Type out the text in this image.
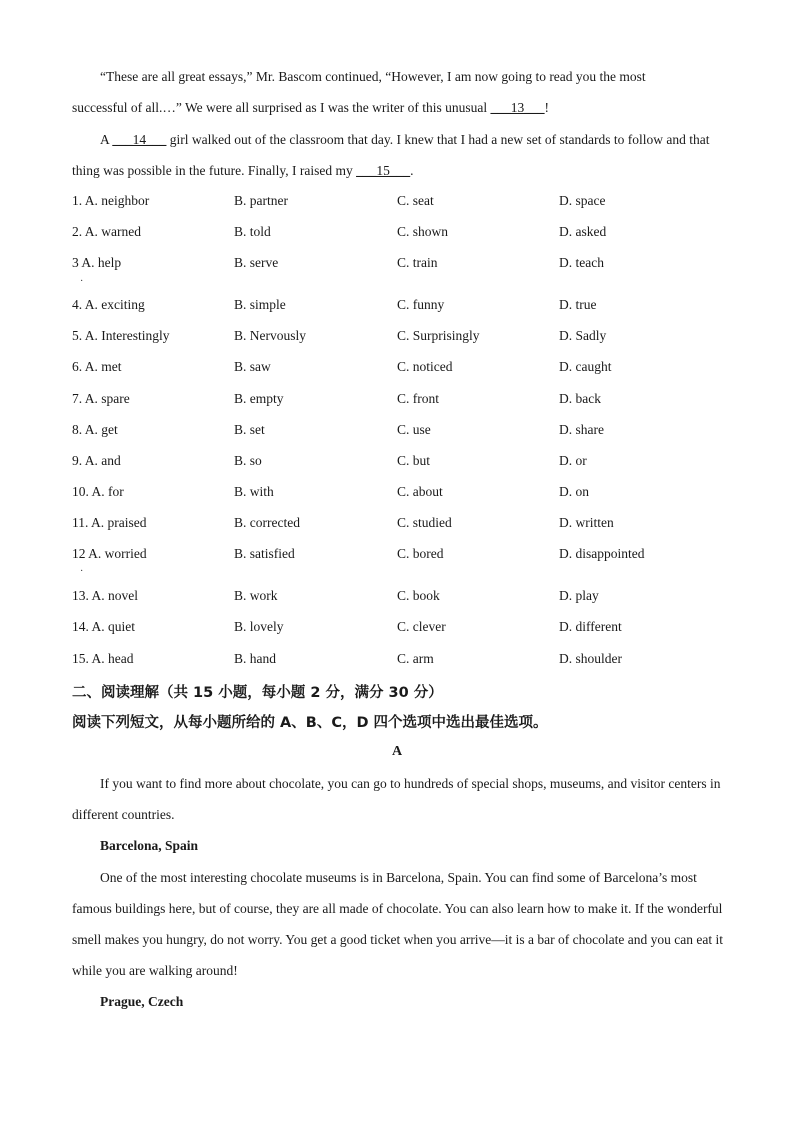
“These are all great essays,” Mr. Bascom continued, “However, I am now going to read you the most
successful of all.…” We were all surprised as I was the writer of this unusual ___13___!

A ___14___ girl walked out of the classroom that day. I knew that I had a new set of standards to follow and that thing was possible in the future. Finally, I raised my ___15___.

1. A. neighbor	B. partner	C. seat	D. space
2. A. warned	B. told	C. shown	D. asked
3 A. help	B. serve	C. train	D. teach
4. A. exciting	B. simple	C. funny	D. true
5. A. Interestingly	B. Nervously	C. Surprisingly	D. Sadly
6. A. met	B. saw	C. noticed	D. caught
7. A. spare	B. empty	C. front	D. back
8. A. get	B. set	C. use	D. share
9. A. and	B. so	C. but	D. or
10. A. for	B. with	C. about	D. on
11. A. praised	B. corrected	C. studied	D. written
12 A. worried	B. satisfied	C. bored	D. disappointed
13. A. novel	B. work	C. book	D. play
14. A. quiet	B. lovely	C. clever	D. different
15. A. head	B. hand	C. arm	D. shoulder
·
·
二、阅读理解（共 15 小题，每小题 2 分，满分 30 分）
阅读下列短文，从每小题所给的 A、B、C，D 四个选项中选出最佳选项。
A

If you want to find more about chocolate, you can go to hundreds of special shops, museums, and visitor centers in different countries.

Barcelona, Spain

One of the most interesting chocolate museums is in Barcelona, Spain. You can find some of Barcelona’s most famous buildings here, but of course, they are all made of chocolate. You can also learn how to make it. If the wonderful smell makes you hungry, do not worry. You get a good ticket when you arrive—it is a bar of chocolate and you can eat it while you are walking around!

Prague, Czech
